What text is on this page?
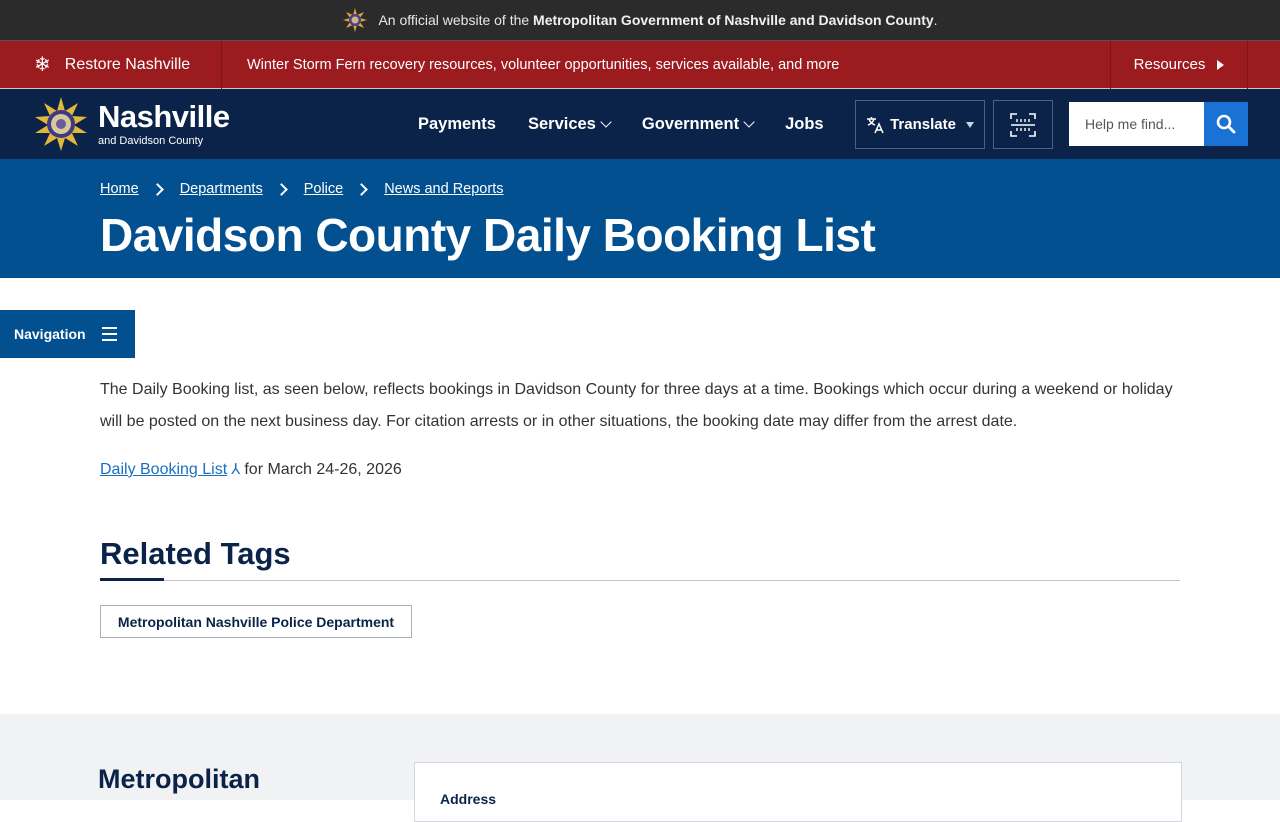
An official website of the Metropolitan Government of Nashville and Davidson County.
❄ Restore Nashville	Winter Storm Fern recovery resources, volunteer opportunities, services available, and more	Resources
Nashville
and Davidson County
Payments Services	Government	Jobs	Translate
Help me find...
Home	Departments	Police	News and Reports
Davidson County Daily Booking List
Navigation

The Daily Booking list, as seen below, reflects bookings in Davidson County for three days at a time. Bookings which occur during a weekend or holiday will be posted on the next business day. For citation arrests or in other situations, the booking date may differ from the arrest date.

Daily Booking List ⅄ for March 24-26, 2026
Related Tags
Metropolitan Nashville Police Department
Metropolitan
Address
